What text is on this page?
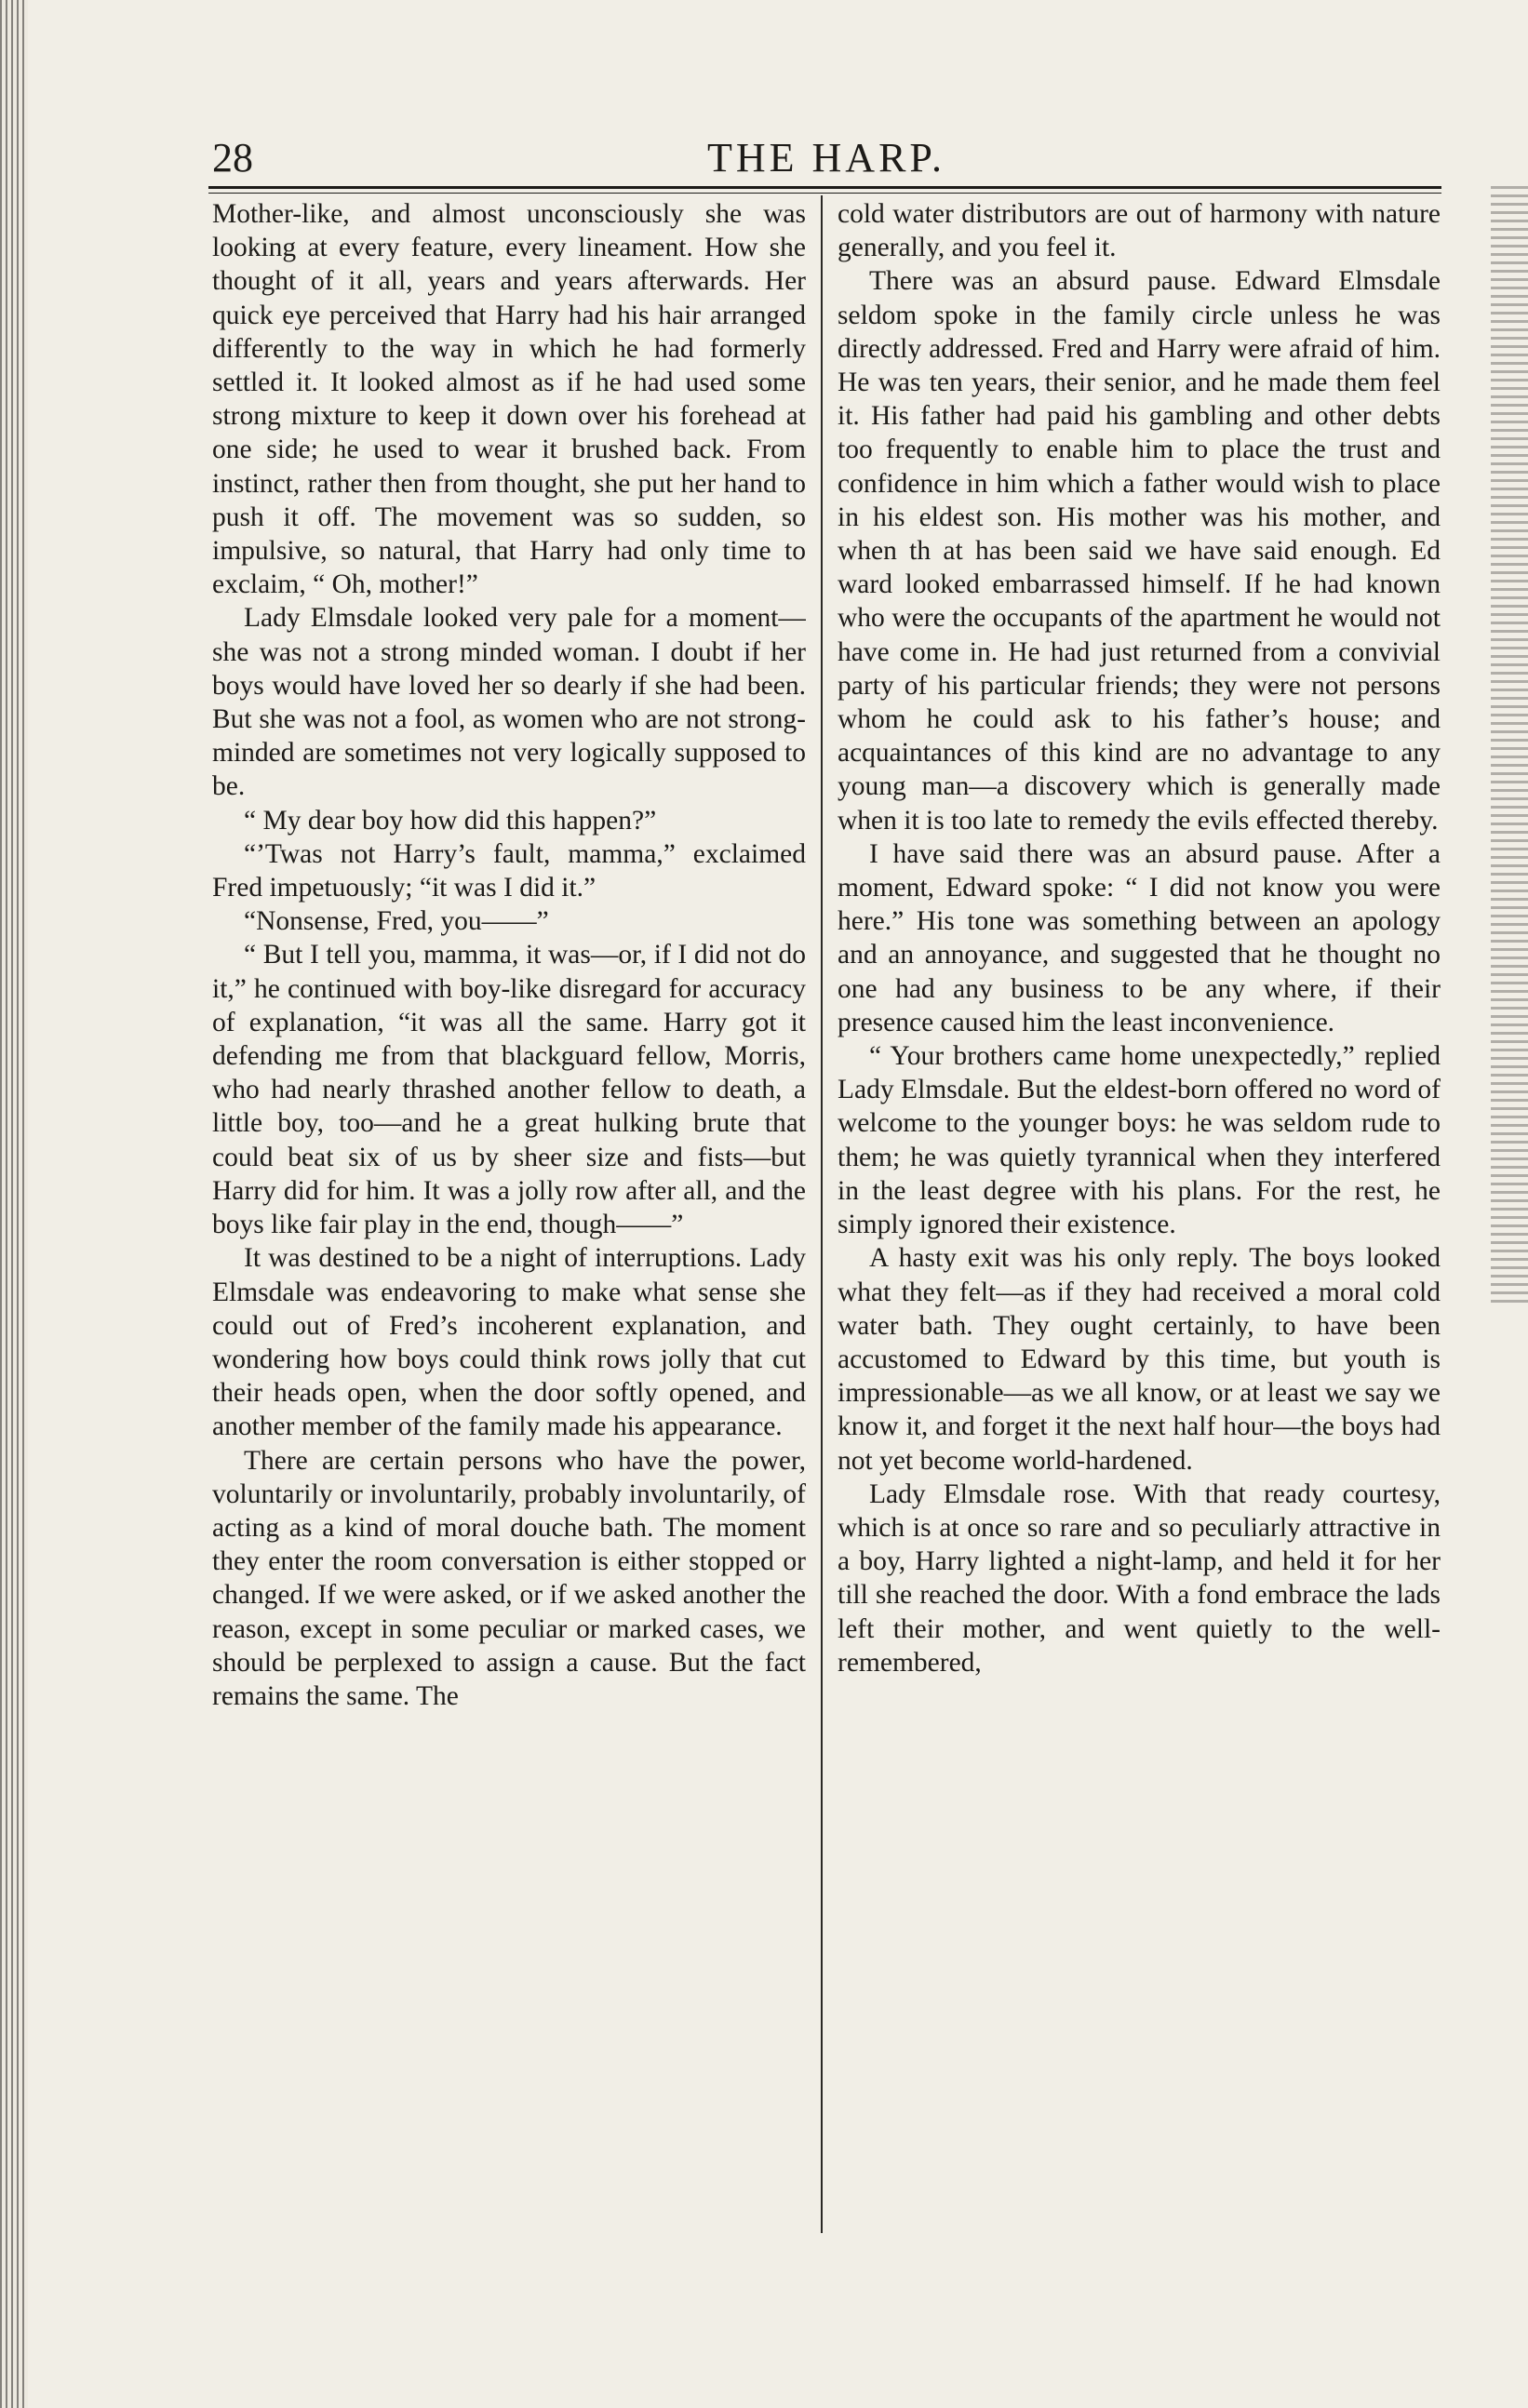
28	THE HARP.

Mother-like, and almost unconsciously she was looking at every feature, every lineament. How she thought of it all, years and years afterwards. Her quick eye perceived that Harry had his hair arranged differently to the way in which he had formerly settled it. It looked almost as if he had used some strong mixture to keep it down over his forehead at one side; he used to wear it brushed back. From instinct, rather then from thought, she put her hand to push it off. The movement was so sudden, so impulsive, so natural, that Harry had only time to exclaim, “ Oh, mother!”

Lady Elmsdale looked very pale for a moment—she was not a strong minded woman. I doubt if her boys would have loved her so dearly if she had been. But she was not a fool, as women who are not strong-minded are sometimes not very logically supposed to be.

“ My dear boy how did this happen?”

“’Twas not Harry’s fault, mamma,” exclaimed Fred impetuously; “it was I did it.”

“Nonsense, Fred, you——”

“ But I tell you, mamma, it was—or, if I did not do it,” he continued with boy-like disregard for accuracy of explanation, “it was all the same. Harry got it defending me from that blackguard fellow, Morris, who had nearly thrashed another fellow to death, a little boy, too—and he a great hulking brute that could beat six of us by sheer size and fists—but Harry did for him. It was a jolly row after all, and the boys like fair play in the end, though——”

It was destined to be a night of interruptions. Lady Elmsdale was endeavoring to make what sense she could out of Fred’s incoherent explanation, and wondering how boys could think rows jolly that cut their heads open, when the door softly opened, and another member of the family made his appearance.

There are certain persons who have the power, voluntarily or involuntarily, probably involuntarily, of acting as a kind of moral douche bath. The moment they enter the room conversation is either stopped or changed. If we were asked, or if we asked another the reason, except in some peculiar or marked cases, we should be perplexed to assign a cause. But the fact remains the same. The

cold water distributors are out of harmony with nature generally, and you feel it.

There was an absurd pause. Edward Elmsdale seldom spoke in the family circle unless he was directly addressed. Fred and Harry were afraid of him. He was ten years, their senior, and he made them feel it. His father had paid his gambling and other debts too frequently to enable him to place the trust and confidence in him which a father would wish to place in his eldest son. His mother was his mother, and when th at has been said we have said enough. Ed ward looked embarrassed himself. If he had known who were the occupants of the apartment he would not have come in. He had just returned from a convivial party of his particular friends; they were not persons whom he could ask to his father’s house; and acquaintances of this kind are no advantage to any young man—a discovery which is generally made when it is too late to remedy the evils effected thereby.

I have said there was an absurd pause. After a moment, Edward spoke: “ I did not know you were here.” His tone was something between an apology and an annoyance, and suggested that he thought no one had any business to be any where, if their presence caused him the least inconvenience.

“ Your brothers came home unexpectedly,” replied Lady Elmsdale. But the eldest-born offered no word of welcome to the younger boys: he was seldom rude to them; he was quietly tyrannical when they interfered in the least degree with his plans. For the rest, he simply ignored their existence.

A hasty exit was his only reply. The boys looked what they felt—as if they had received a moral cold water bath. They ought certainly, to have been accustomed to Edward by this time, but youth is impressionable—as we all know, or at least we say we know it, and forget it the next half hour—the boys had not yet become world-hardened.

Lady Elmsdale rose. With that ready courtesy, which is at once so rare and so peculiarly attractive in a boy, Harry lighted a night-lamp, and held it for her till she reached the door. With a fond embrace the lads left their mother, and went quietly to the well-remembered,
